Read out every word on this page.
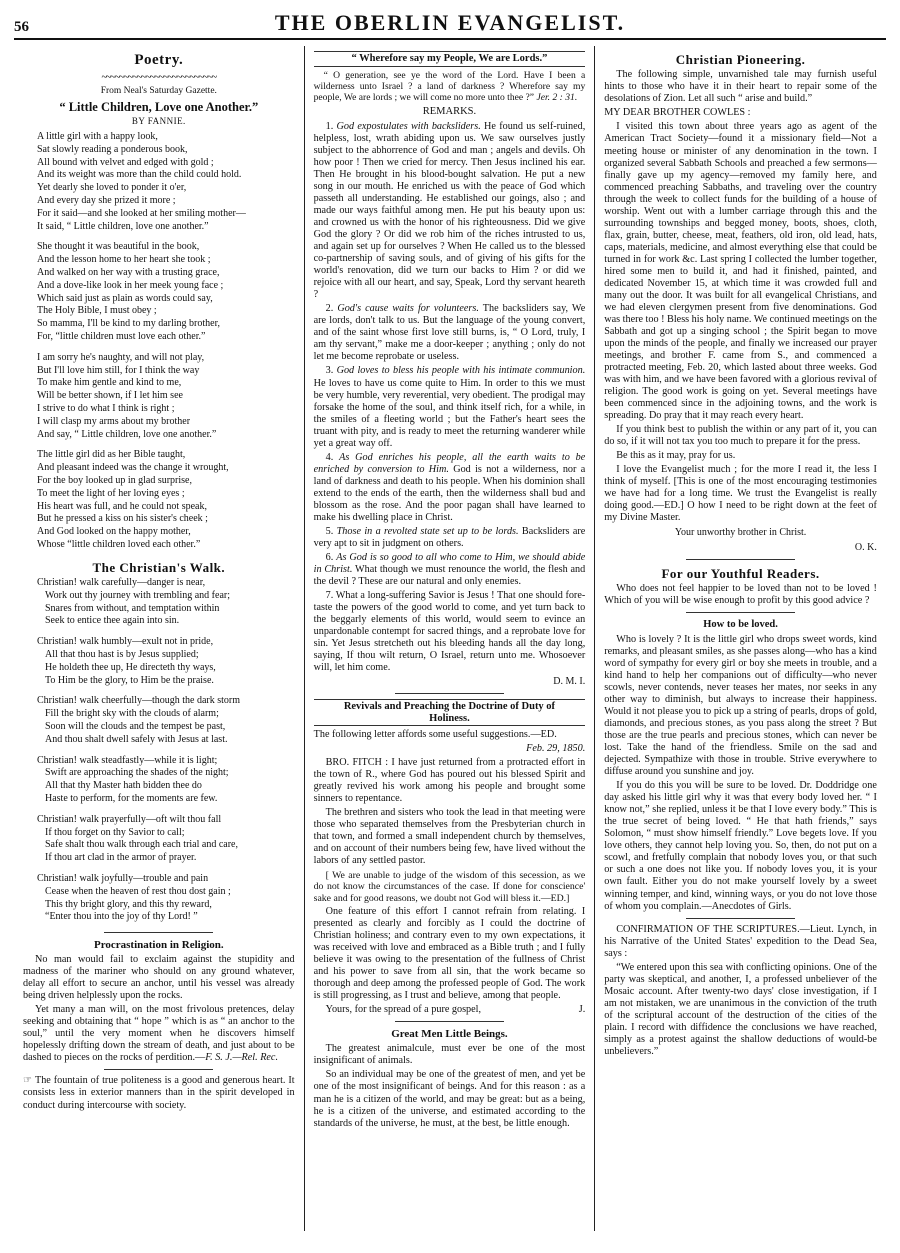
56	THE OBERLIN EVANGELIST.
Poetry.
~~~~~~~~~~~~~~~~~~~~~~~~~~
From Neal's Saturday Gazette.
“ Little Children, Love one Another.”
BY FANNIE.
A little girl with a happy look,
Sat slowly reading a ponderous book,
All bound with velvet and edged with gold ;
And its weight was more than the child could hold.
Yet dearly she loved to ponder it o'er,
And every day she prized it more ;
For it said—and she looked at her smiling mother—
It said, “ Little children, love one another.”
She thought it was beautiful in the book,
And the lesson home to her heart she took ;
And walked on her way with a trusting grace,
And a dove-like look in her meek young face ;
Which said just as plain as words could say,
The Holy Bible, I must obey ;
So mamma, I'll be kind to my darling brother,
For, “little children must love each other.”
I am sorry he's naughty, and will not play,
But I'll love him still, for I think the way
To make him gentle and kind to me,
Will be better shown, if I let him see
I strive to do what I think is right ;
I will clasp my arms about my brother
And say, “ Little children, love one another.”
The little girl did as her Bible taught,
And pleasant indeed was the change it wrought,
For the boy looked up in glad surprise,
To meet the light of her loving eyes ;
His heart was full, and he could not speak,
But he pressed a kiss on his sister's cheek ;
And God looked on the happy mother,
Whose “little children loved each other.”
The Christian's Walk.
Christian! walk carefully—danger is near,
Work out thy journey with trembling and fear;
Snares from without, and temptation within
Seek to entice thee again into sin.
Christian! walk humbly—exult not in pride,
All that thou hast is by Jesus supplied;
He holdeth thee up, He directeth thy ways,
To Him be the glory, to Him be the praise.
Christian! walk cheerfully—though the dark storm
Fill the bright sky with the clouds of alarm;
Soon will the clouds and the tempest be past,
And thou shalt dwell safely with Jesus at last.
Christian! walk steadfastly—while it is light;
Swift are approaching the shades of the night;
All that thy Master hath bidden thee do
Haste to perform, for the moments are few.
Christian! walk prayerfully—oft wilt thou fall
If thou forget on thy Savior to call;
Safe shalt thou walk through each trial and care,
If thou art clad in the armor of prayer.
Christian! walk joyfully—trouble and pain
Cease when the heaven of rest thou dost gain ;
This thy bright glory, and this thy reward,
“Enter thou into the joy of thy Lord! ”
Procrastination in Religion.

No man would fail to exclaim against the stupidity and madness of the mariner who should on any ground whatever, delay all effort to secure an anchor, until his vessel was already being driven helplessly upon the rocks.

Yet many a man will, on the most frivolous pretences, delay seeking and obtaining that “ hope ” which is as “ an anchor to the soul,” until the very moment when he discovers himself hopelessly drifting down the stream of death, and just about to be dashed to pieces on the rocks of perdition.—F. S. J.—Rel. Rec.

☞ The fountain of true politeness is a good and generous heart. It consists less in exterior manners than in the spirit developed in conduct during intercourse with society.

“ Wherefore say my People, We are Lords.”

“ O generation, see ye the word of the Lord. Have I been a wilderness unto Israel ? a land of darkness ? Wherefore say my people, We are lords ; we will come no more unto thee ?” Jer. 2 : 31.

REMARKS.

1. God expostulates with backsliders. He found us self-ruined, helpless, lost, wrath abiding upon us. We saw ourselves justly subject to the abhorrence of God and man ; angels and devils. Oh how poor ! Then we cried for mercy. Then Jesus inclined his ear. Then He brought in his blood-bought salvation. He put a new song in our mouth. He enriched us with the peace of God which passeth all understanding. He established our goings, also ; and made our ways faithful among men. He put his beauty upon us: and crowned us with the honor of his righteousness. Did we give God the glory ? Or did we rob him of the riches intrusted to us, and again set up for ourselves ? When He called us to the blessed co-partnership of saving souls, and of giving of his gifts for the world's renovation, did we turn our backs to Him ? or did we rejoice with all our heart, and say, Speak, Lord thy servant heareth ?

2. God's cause waits for volunteers. The backsliders say, We are lords, don't talk to us. But the language of the young convert, and of the saint whose first love still burns, is, “ O Lord, truly, I am thy servant,” make me a door-keeper ; anything ; only do not let me become reprobate or useless.

3. God loves to bless his people with his intimate communion. He loves to have us come quite to Him. In order to this we must be very humble, very reverential, very obedient. The prodigal may forsake the home of the soul, and think itself rich, for a while, in the smiles of a fleeting world ; but the Father's heart sees the truant with pity, and is ready to meet the returning wanderer while yet a great way off.

4. As God enriches his people, all the earth waits to be enriched by conversion to Him. God is not a wilderness, nor a land of darkness and death to his people. When his dominion shall extend to the ends of the earth, then the wilderness shall bud and blossom as the rose. And the poor pagan shall have learned to make his dwelling place in Christ.

5. Those in a revolted state set up to be lords. Backsliders are very apt to sit in judgment on others.

6. As God is so good to all who come to Him, we should abide in Christ. What though we must renounce the world, the flesh and the devil ? These are our natural and only enemies.

7. What a long-suffering Savior is Jesus ! That one should fore-taste the powers of the good world to come, and yet turn back to the beggarly elements of this world, would seem to evince an unpardonable contempt for sacred things, and a reprobate love for sin. Yet Jesus stretcheth out his bleeding hands all the day long, saying, If thou wilt return, O Israel, return unto me. Whosoever will, let him come.

D. M. I.
Revivals and Preaching the Doctrine of Duty of
Holiness.

The following letter affords some useful suggestions.—ED.

Feb. 29, 1850.

BRO. FITCH : I have just returned from a protracted effort in the town of R., where God has poured out his blessed Spirit and greatly revived his work among his people and brought some sinners to repentance.

The brethren and sisters who took the lead in that meeting were those who separated themselves from the Presbyterian church in that town, and formed a small independent church by themselves, and on account of their numbers being few, have lived without the labors of any settled pastor.

[ We are unable to judge of the wisdom of this secession, as we do not know the circumstances of the case. If done for conscience' sake and for good reasons, we doubt not God will bless it.—ED.]

One feature of this effort I cannot refrain from relating. I presented as clearly and forcibly as I could the doctrine of Christian holiness; and contrary even to my own expectations, it was received with love and embraced as a Bible truth ; and I fully believe it was owing to the presentation of the fullness of Christ and his power to save from all sin, that the work became so thorough and deep among the professed people of God. The work is still progressing, as I trust and believe, among that people.

Yours, for the spread of a pure gospel,	J.

Great Men Little Beings.

The greatest animalcule, must ever be one of the most insignificant of animals.

So an individual may be one of the greatest of men, and yet be one of the most insignificant of beings. And for this reason : as a man he is a citizen of the world, and may be great: but as a being, he is a citizen of the universe, and estimated according to the standards of the universe, he must, at the best, be little enough.

Christian Pioneering.

The following simple, unvarnished tale may furnish useful hints to those who have it in their heart to repair some of the desolations of Zion. Let all such “ arise and build.”

MY DEAR BROTHER COWLES :

I visited this town about three years ago as agent of the American Tract Society—found it a missionary field—Not a meeting house or minister of any denomination in the town. I organized several Sabbath Schools and preached a few sermons—finally gave up my agency—removed my family here, and commenced preaching Sabbaths, and traveling over the country through the week to collect funds for the building of a house of worship. Went out with a lumber carriage through this and the surrounding townships and begged money, boots, shoes, cloth, flax, grain, butter, cheese, meat, feathers, old iron, old lead, hats, caps, materials, medicine, and almost everything else that could be turned in for work &c. Last spring I collected the lumber together, hired some men to build it, and had it finished, painted, and dedicated November 15, at which time it was crowded full and many out the door. It was built for all evangelical Christians, and we had eleven clergymen present from five denominations. God was there too ! Bless his holy name. We continued meetings on the Sabbath and got up a singing school ; the Spirit began to move upon the minds of the people, and finally we increased our prayer meetings, and brother F. came from S., and commenced a protracted meeting, Feb. 20, which lasted about three weeks. God was with him, and we have been favored with a glorious revival of religion. The good work is going on yet. Several meetings have been commenced since in the adjoining towns, and the work is spreading. Do pray that it may reach every heart.

If you think best to publish the within or any part of it, you can do so, if it will not tax you too much to prepare it for the press.

Be this as it may, pray for us.

I love the Evangelist much ; for the more I read it, the less I think of myself. [This is one of the most encouraging testimonies we have had for a long time. We trust the Evangelist is really doing good.—ED.] O how I need to be right down at the feet of my Divine Master.

Your unworthy brother in Christ.
O. K.
For our Youthful Readers.

Who does not feel happier to be loved than not to be loved ! Which of you will be wise enough to profit by this good advice ?

How to be loved.

Who is lovely ? It is the little girl who drops sweet words, kind remarks, and pleasant smiles, as she passes along—who has a kind word of sympathy for every girl or boy she meets in trouble, and a kind hand to help her companions out of difficulty—who never scowls, never contends, never teases her mates, nor seeks in any other way to diminish, but always to increase their happiness. Would it not please you to pick up a string of pearls, drops of gold, diamonds, and precious stones, as you pass along the street ? But those are the true pearls and precious stones, which can never be lost. Take the hand of the friendless. Smile on the sad and dejected. Sympathize with those in trouble. Strive everywhere to diffuse around you sunshine and joy.

If you do this you will be sure to be loved. Dr. Doddridge one day asked his little girl why it was that every body loved her. “ I know not,” she replied, unless it be that I love every body.” This is the true secret of being loved. “ He that hath friends,” says Solomon, “ must show himself friendly.” Love begets love. If you love others, they cannot help loving you. So, then, do not put on a scowl, and fretfully complain that nobody loves you, or that such or such a one does not like you. If nobody loves you, it is your own fault. Either you do not make yourself lovely by a sweet winning temper, and kind, winning ways, or you do not love those of whom you complain.—Anecdotes of Girls.

CONFIRMATION OF THE SCRIPTURES.—Lieut. Lynch, in his Narrative of the United States' expedition to the Dead Sea, says :

“We entered upon this sea with conflicting opinions. One of the party was skeptical, and another, I, a professed unbeliever of the Mosaic account. After twenty-two days' close investigation, if I am not mistaken, we are unanimous in the conviction of the truth of the scriptural account of the destruction of the cities of the plain. I record with diffidence the conclusions we have reached, simply as a protest against the shallow deductions of would-be unbelievers.”
